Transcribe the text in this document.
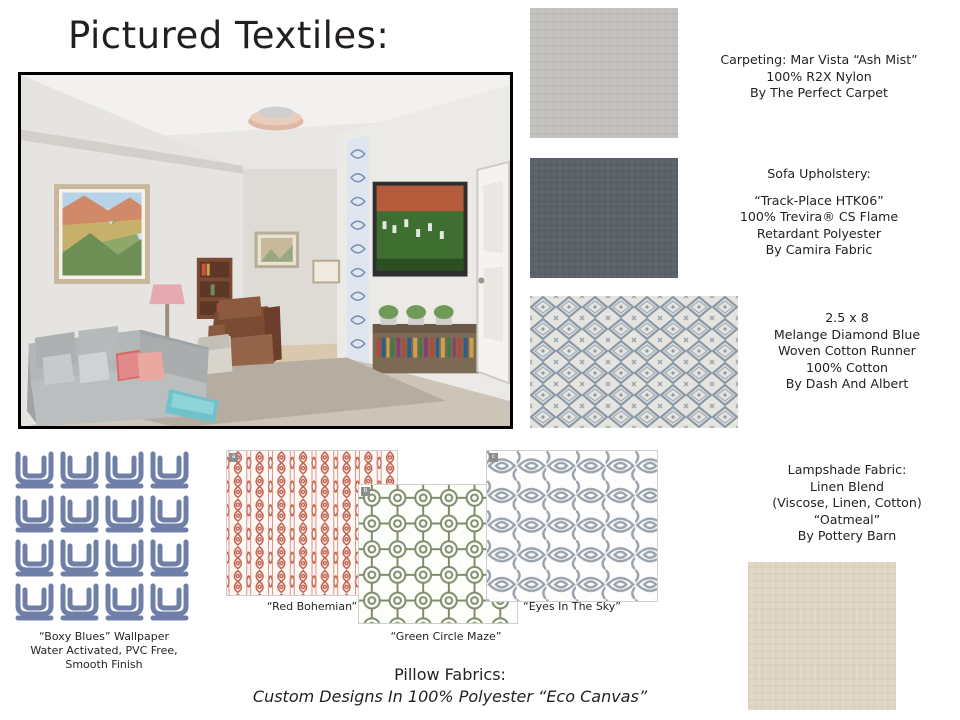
Pictured Textiles:
Carpeting: Mar Vista “Ash Mist”
100% R2X Nylon
By The Perfect Carpet
Sofa Upholstery:

“Track-Place HTK06”
100% Trevira® CS Flame
Retardant Polyester
By Camira Fabric
2.5 x 8
Melange Diamond Blue
Woven Cotton Runner
100% Cotton
By Dash And Albert
Lampshade Fabric:
Linen Blend
(Viscose, Linen, Cotton)
“Oatmeal”
By Pottery Barn
“Boxy Blues” Wallpaper
Water Activated, PVC Free,
Smooth Finish
a
“Red Bohemian”
b
“Green Circle Maze”
c
“Eyes In The Sky”
Pillow Fabrics:
Custom Designs In 100% Polyester “Eco Canvas”
